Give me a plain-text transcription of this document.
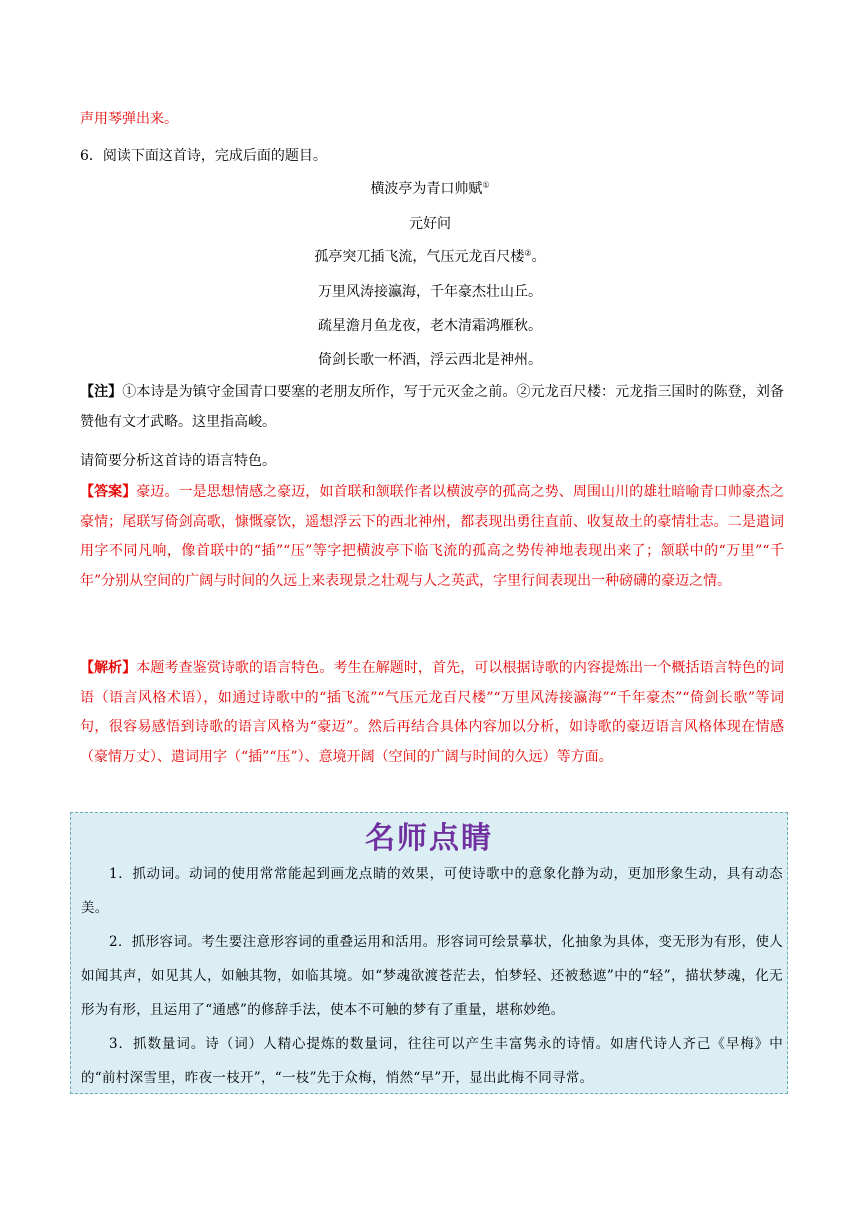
声用琴弹出来。
6．阅读下面这首诗，完成后面的题目。
横波亭为青口帅赋①
元好问
孤亭突兀插飞流，气压元龙百尺楼②。
万里风涛接瀛海，千年豪杰壮山丘。
疏星澹月鱼龙夜，老木清霜鸿雁秋。
倚剑长歌一杯酒，浮云西北是神州。
【注】①本诗是为镇守金国青口要塞的老朋友所作，写于元灭金之前。②元龙百尺楼：元龙指三国时的陈登，刘备赞他有文才武略。这里指高峻。
请简要分析这首诗的语言特色。
【答案】豪迈。一是思想情感之豪迈，如首联和颔联作者以横波亭的孤高之势、周围山川的雄壮暗喻青口帅豪杰之豪情；尾联写倚剑高歌，慷慨豪饮，遥想浮云下的西北神州，都表现出勇往直前、收复故土的豪情壮志。二是遣词用字不同凡响，像首联中的“插”“压”等字把横波亭下临飞流的孤高之势传神地表现出来了；颔联中的“万里”“千年”分别从空间的广阔与时间的久远上来表现景之壮观与人之英武，字里行间表现出一种磅礴的豪迈之情。
【解析】本题考查鉴赏诗歌的语言特色。考生在解题时，首先，可以根据诗歌的内容提炼出一个概括语言特色的词语（语言风格术语），如通过诗歌中的“插飞流”“气压元龙百尺楼”“万里风涛接瀛海”“千年豪杰”“倚剑长歌”等词句，很容易感悟到诗歌的语言风格为“豪迈”。然后再结合具体内容加以分析，如诗歌的豪迈语言风格体现在情感（豪情万丈）、遣词用字（“插”“压”）、意境开阔（空间的广阔与时间的久远）等方面。
名师点睛

1．抓动词。动词的使用常常能起到画龙点睛的效果，可使诗歌中的意象化静为动，更加形象生动，具有动态美。

2．抓形容词。考生要注意形容词的重叠运用和活用。形容词可绘景摹状，化抽象为具体，变无形为有形，使人如闻其声，如见其人，如触其物，如临其境。如“梦魂欲渡苍茫去，怕梦轻、还被愁遮”中的“轻”，描状梦魂，化无形为有形，且运用了“通感”的修辞手法，使本不可触的梦有了重量，堪称妙绝。

3．抓数量词。诗（词）人精心提炼的数量词，往往可以产生丰富隽永的诗情。如唐代诗人齐己《早梅》中的“前村深雪里，昨夜一枝开”，“一枝”先于众梅，悄然“早”开，显出此梅不同寻常。
